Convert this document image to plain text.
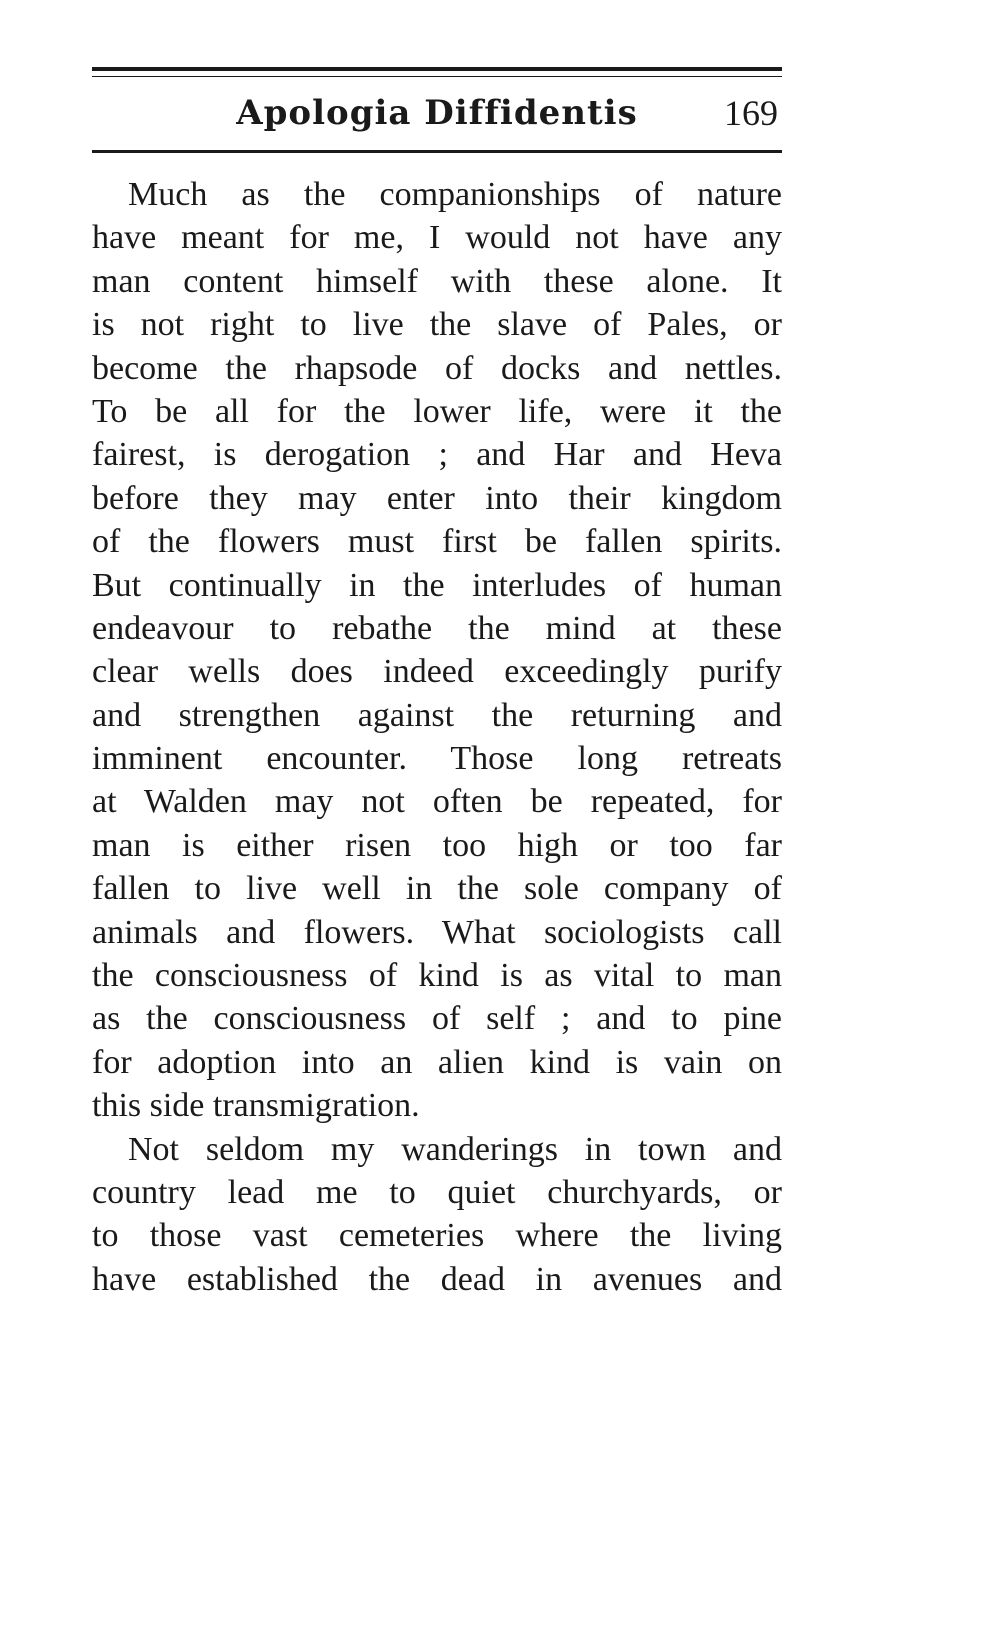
Apologia Diffidentis	169
Much as the companionships of nature
have meant for me, I would not have any
man content himself with these alone. It
is not right to live the slave of Pales, or
become the rhapsode of docks and nettles.
To be all for the lower life, were it the
fairest, is derogation ; and Har and Heva
before they may enter into their kingdom
of the flowers must first be fallen spirits.
But continually in the interludes of human
endeavour to rebathe the mind at these
clear wells does indeed exceedingly purify
and strengthen against the returning and
imminent encounter. Those long retreats
at Walden may not often be repeated, for
man is either risen too high or too far
fallen to live well in the sole company of
animals and flowers. What sociologists call
the consciousness of kind is as vital to man
as the consciousness of self ; and to pine
for adoption into an alien kind is vain on
this side transmigration.
Not seldom my wanderings in town and
country lead me to quiet churchyards, or
to those vast cemeteries where the living
have established the dead in avenues and
